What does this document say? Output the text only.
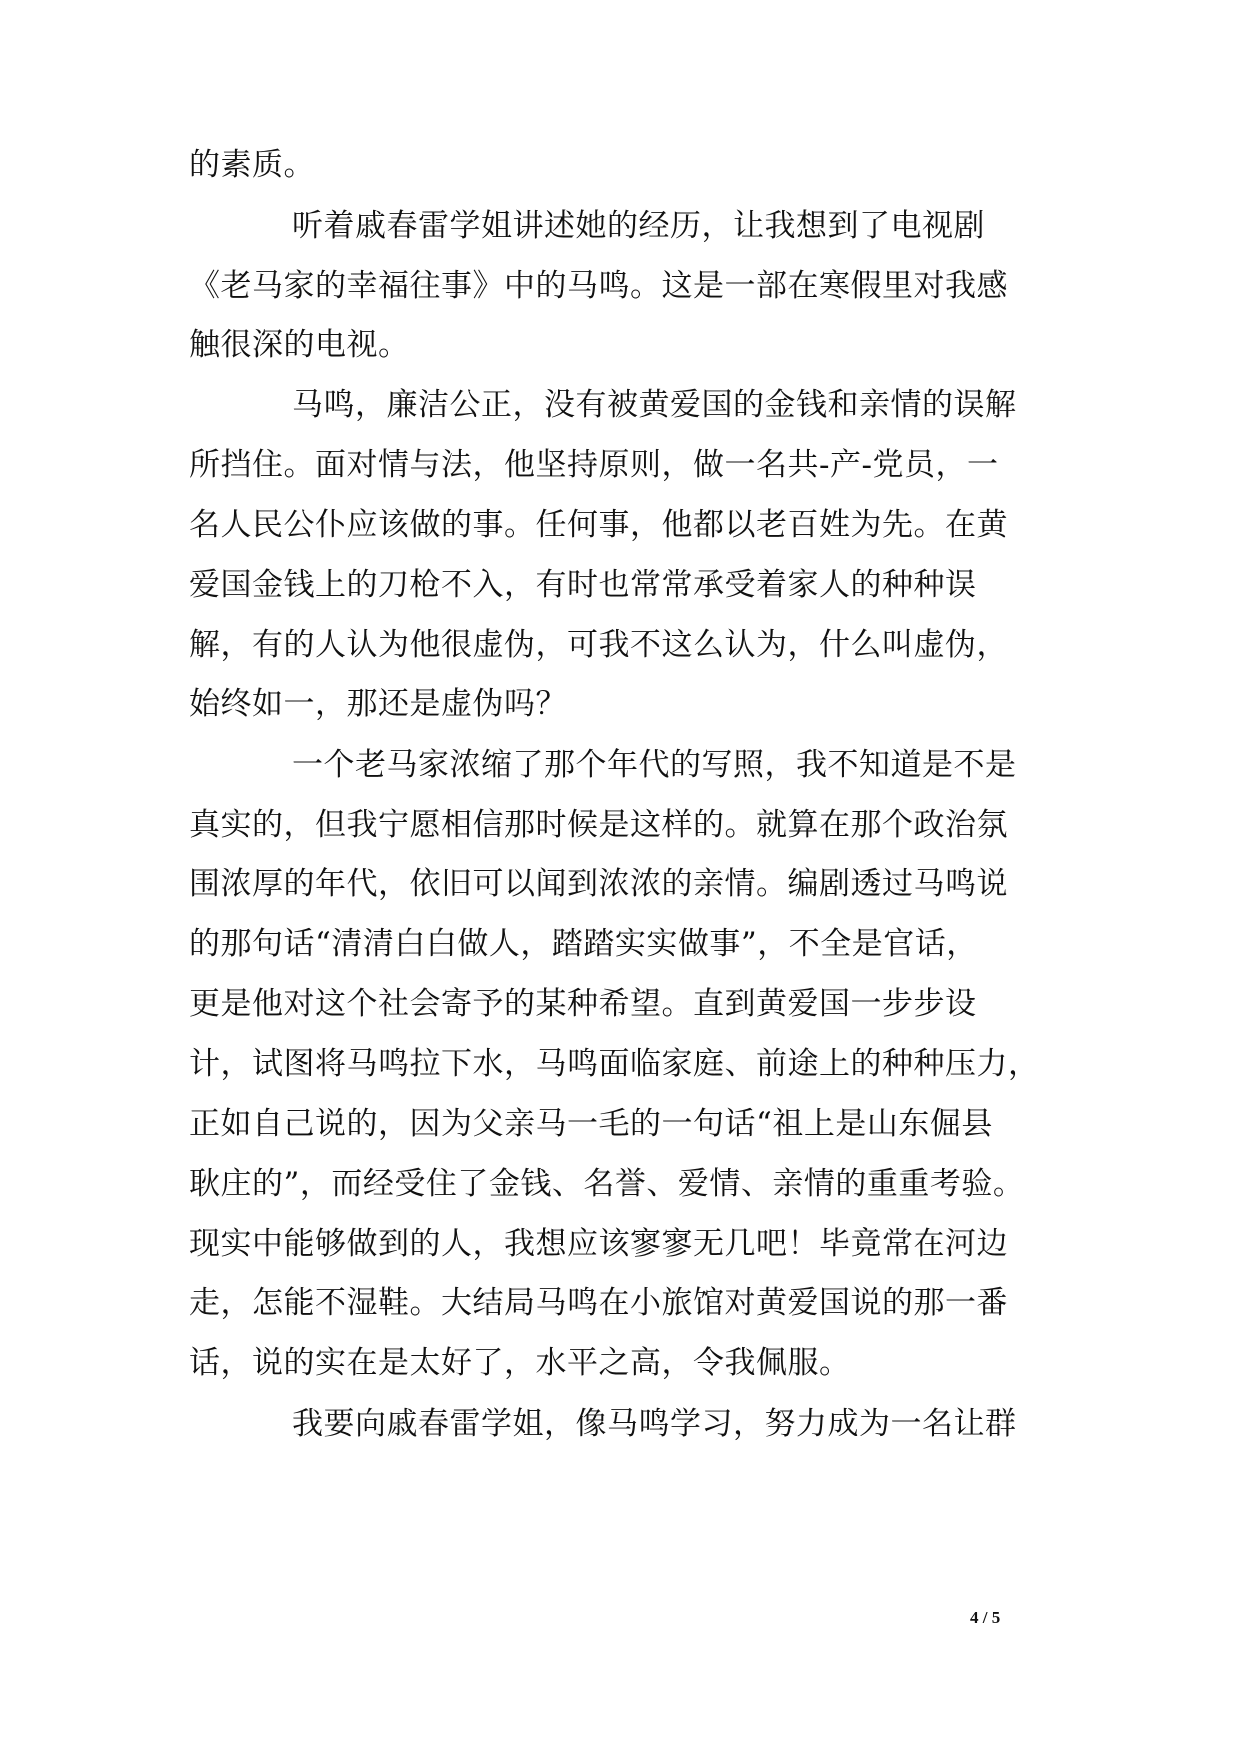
的素质。
听着戚春雷学姐讲述她的经历，让我想到了电视剧
《老马家的幸福往事》中的马鸣。这是一部在寒假里对我感
触很深的电视。
马鸣，廉洁公正，没有被黄爱国的金钱和亲情的误解
所挡住。面对情与法，他坚持原则，做一名共-产-党员，一
名人民公仆应该做的事。任何事，他都以老百姓为先。在黄
爱国金钱上的刀枪不入，有时也常常承受着家人的种种误
解，有的人认为他很虚伪，可我不这么认为，什么叫虚伪，
始终如一，那还是虚伪吗？
一个老马家浓缩了那个年代的写照，我不知道是不是
真实的，但我宁愿相信那时候是这样的。就算在那个政治氛
围浓厚的年代，依旧可以闻到浓浓的亲情。编剧透过马鸣说
的那句话“清清白白做人，踏踏实实做事”，不全是官话，
更是他对这个社会寄予的某种希望。直到黄爱国一步步设
计，试图将马鸣拉下水，马鸣面临家庭、前途上的种种压力，
正如自己说的，因为父亲马一毛的一句话“祖上是山东倔县
耿庄的”，而经受住了金钱、名誉、爱情、亲情的重重考验。
现实中能够做到的人，我想应该寥寥无几吧！毕竟常在河边
走，怎能不湿鞋。大结局马鸣在小旅馆对黄爱国说的那一番
话，说的实在是太好了，水平之高，令我佩服。
我要向戚春雷学姐，像马鸣学习，努力成为一名让群
4 / 5
